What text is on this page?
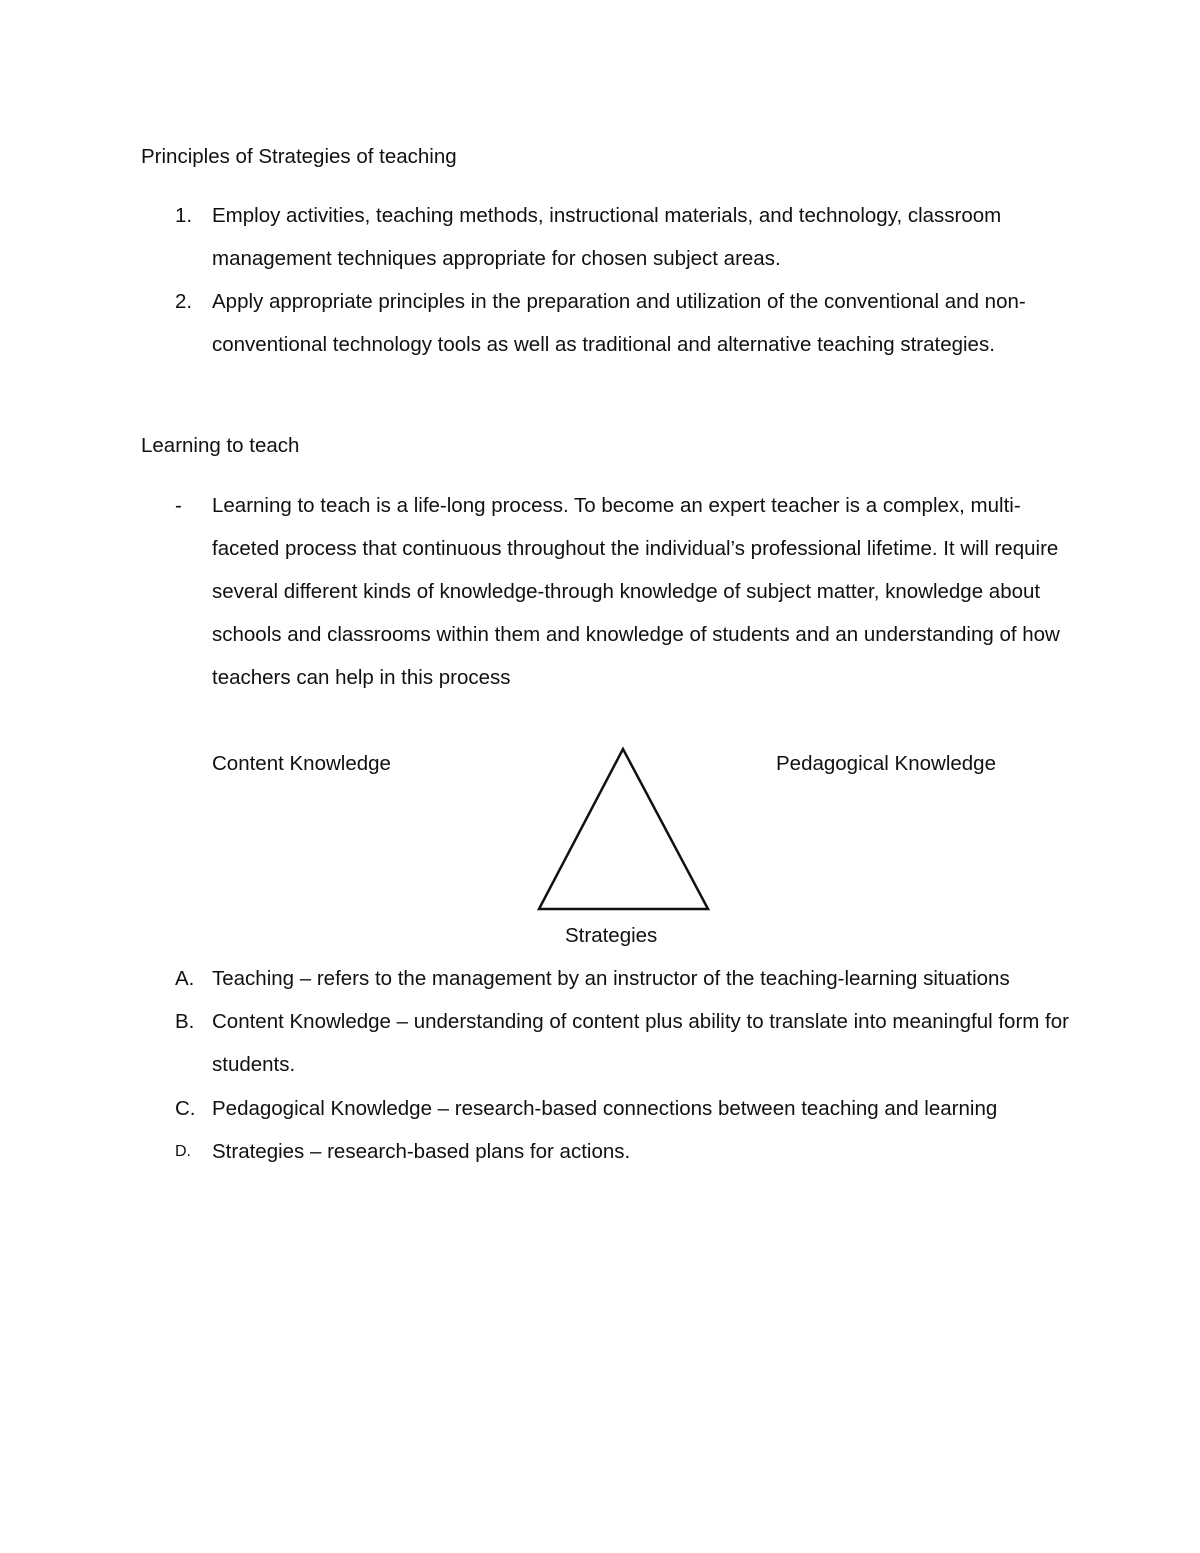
Principles of Strategies of teaching
1. Employ activities, teaching methods, instructional materials, and technology, classroom management techniques appropriate for chosen subject areas.
2. Apply appropriate principles in the preparation and utilization of the conventional and non-conventional technology tools as well as traditional and alternative teaching strategies.
Learning to teach
-	Learning to teach is a life-long process. To become an expert teacher is a complex, multi-faceted process that continuous throughout the individual’s professional lifetime. It will require several different kinds of knowledge-through knowledge of subject matter, knowledge about schools and classrooms within them and knowledge of students and an understanding of how teachers can help in this process
Content Knowledge	Pedagogical Knowledge
Strategies
A. Teaching – refers to the management by an instructor of the teaching-learning situations
B. Content Knowledge – understanding of content plus ability to translate into meaningful form for students.
C. Pedagogical Knowledge – research-based connections between teaching and learning
D.	Strategies – research-based plans for actions.
